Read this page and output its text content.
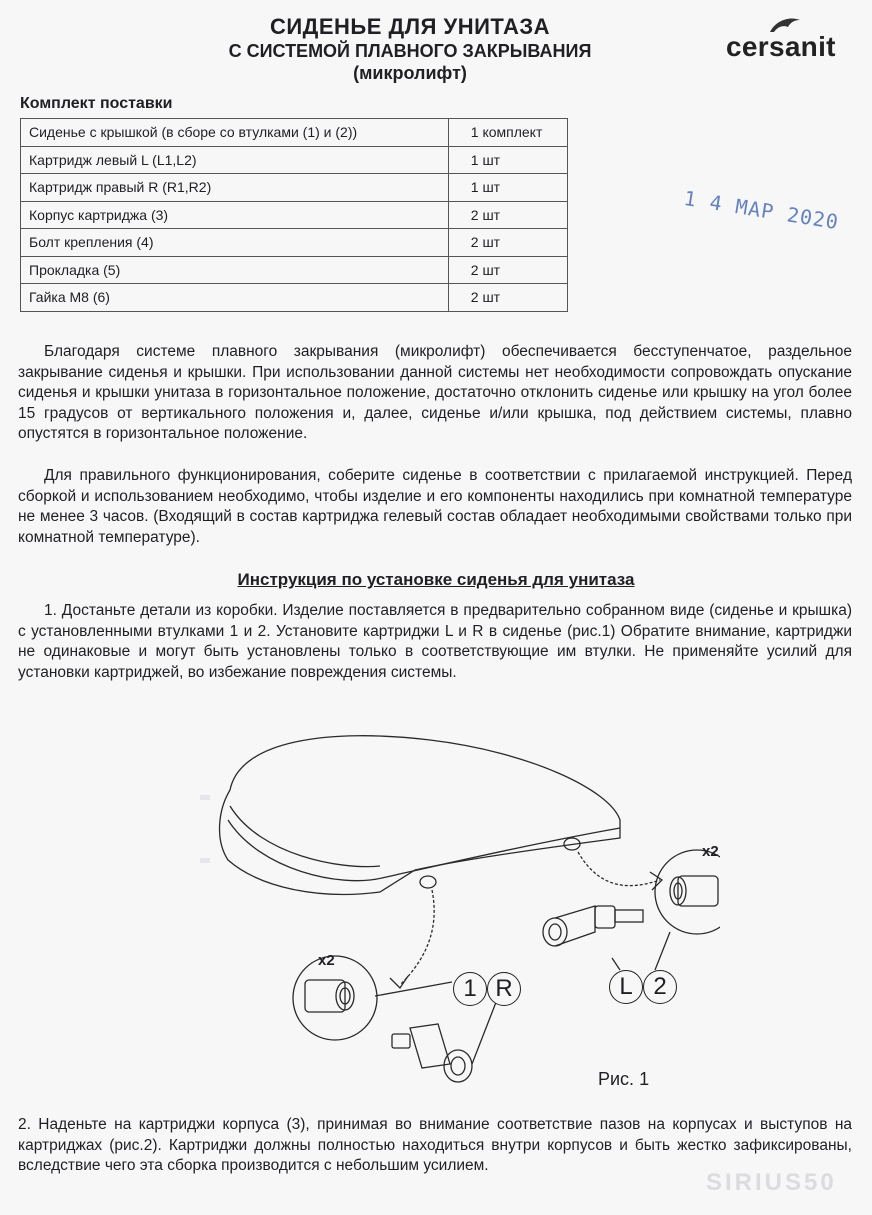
СИДЕНЬЕ ДЛЯ УНИТАЗА
С СИСТЕМОЙ ПЛАВНОГО ЗАКРЫВАНИЯ
(микролифт)
cersanit
Комплект поставки
Сиденье с крышкой (в сборе со втулками (1) и (2))	1 комплект
Картридж левый L (L1,L2)	1 шт
Картридж правый R (R1,R2)	1 шт
Корпус картриджа (3)	2 шт
Болт крепления (4)	2 шт
Прокладка (5)	2 шт
Гайка M8 (6)	2 шт
1 4 МАР 2020
Благодаря системе плавного закрывания (микролифт) обеспечивается бесступенчатое, раздельное закрывание сиденья и крышки. При использовании данной системы нет необходимости сопровождать опускание сиденья и крышки унитаза в горизонтальное положение, достаточно отклонить сиденье или крышку на угол более 15 градусов от вертикального положения и, далее, сиденье и/или крышка, под действием системы, плавно опустятся в горизонтальное положение.
Для правильного функционирования, соберите сиденье в соответствии с прилагаемой инструкцией. Перед сборкой и использованием необходимо, чтобы изделие и его компоненты находились при комнатной температуре не менее 3 часов. (Входящий в состав картриджа гелевый состав обладает необходимыми свойствами только при комнатной температуре).
Инструкция по установке сиденья для унитаза
1. Достаньте детали из коробки. Изделие поставляется в предварительно собранном виде (сиденье и крышка) с установленными втулками 1 и 2. Установите картриджи L и R в сиденье (рис.1) Обратите внимание, картриджи не одинаковые и могут быть установлены только в соответствующие им втулки. Не применяйте усилий для установки картриджей, во избежание повреждения системы.
x2
x2
1 R	L 2
Рис. 1
2. Наденьте на картриджи корпуса (3), принимая во внимание соответствие пазов на корпусах и выступов на картриджах (рис.2). Картриджи должны полностью находиться внутри корпусов и быть жестко зафиксированы, вследствие чего эта сборка производится с небольшим усилием.
SIRIUS50
